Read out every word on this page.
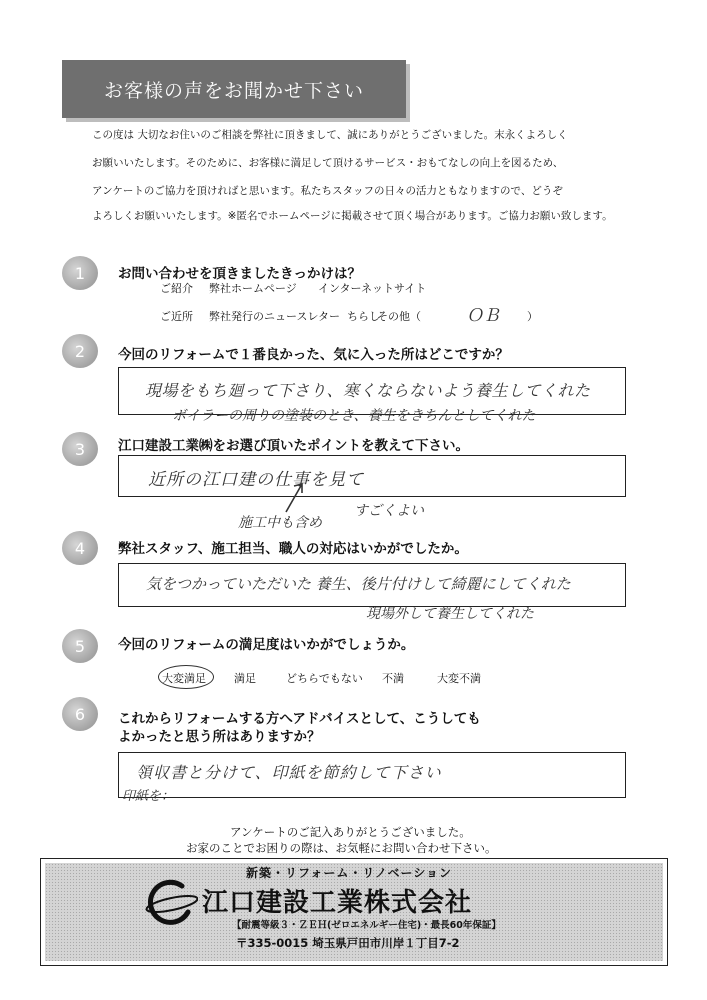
お客様の声をお聞かせ下さい
この度は 大切なお住いのご相談を弊社に頂きまして、誠にありがとうございました。末永くよろしく
お願いいたします。そのために、お客様に満足して頂けるサービス・おもてなしの向上を図るため、
アンケートのご協力を頂ければと思います。私たちスタッフの日々の活力ともなりますので、どうぞ
よろしくお願いいたします。※匿名でホームページに掲載させて頂く場合があります。ご協力お願い致します。
1	お問い合わせを頂きましたきっかけは？
ご紹介 弊社ホームページ インターネットサイト
ご近所 弊社発行のニュースレター ちらし
その他（	ＯＢ ）
2	今回のリフォームで１番良かった、気に入った所はどこですか？
現場をもち廻って下さり、寒くならないよう養生してくれた
ボイラーの周りの塗装のとき、養生をきちんとしてくれた
3	江口建設工業㈱をお選び頂いたポイントを教えて下さい。
近所の江口建の仕事を見て
施工中も含め
すごくよい
4	弊社スタッフ、施工担当、職人の対応はいかがでしたか。
気をつかっていただいた 養生、後片付けして綺麗にしてくれた
現場外して養生してくれた
5	今回のリフォームの満足度はいかがでしょうか。
大変満足	満足	どちらでもない 不満	大変不満
6	これからリフォームする方へアドバイスとして、こうしても
よかったと思う所はありますか？
領収書と分けて、印紙を節約して下さい
印紙を：
アンケートのご記入ありがとうございました。
お家のことでお困りの際は、お気軽にお問い合わせ下さい。
新築・リフォーム・リノベーション
江口建設工業株式会社
【耐震等級３・ＺＥＨ(ゼロエネルギー住宅)・最長60年保証】
〒335-0015 埼玉県戸田市川岸１丁目7-2
